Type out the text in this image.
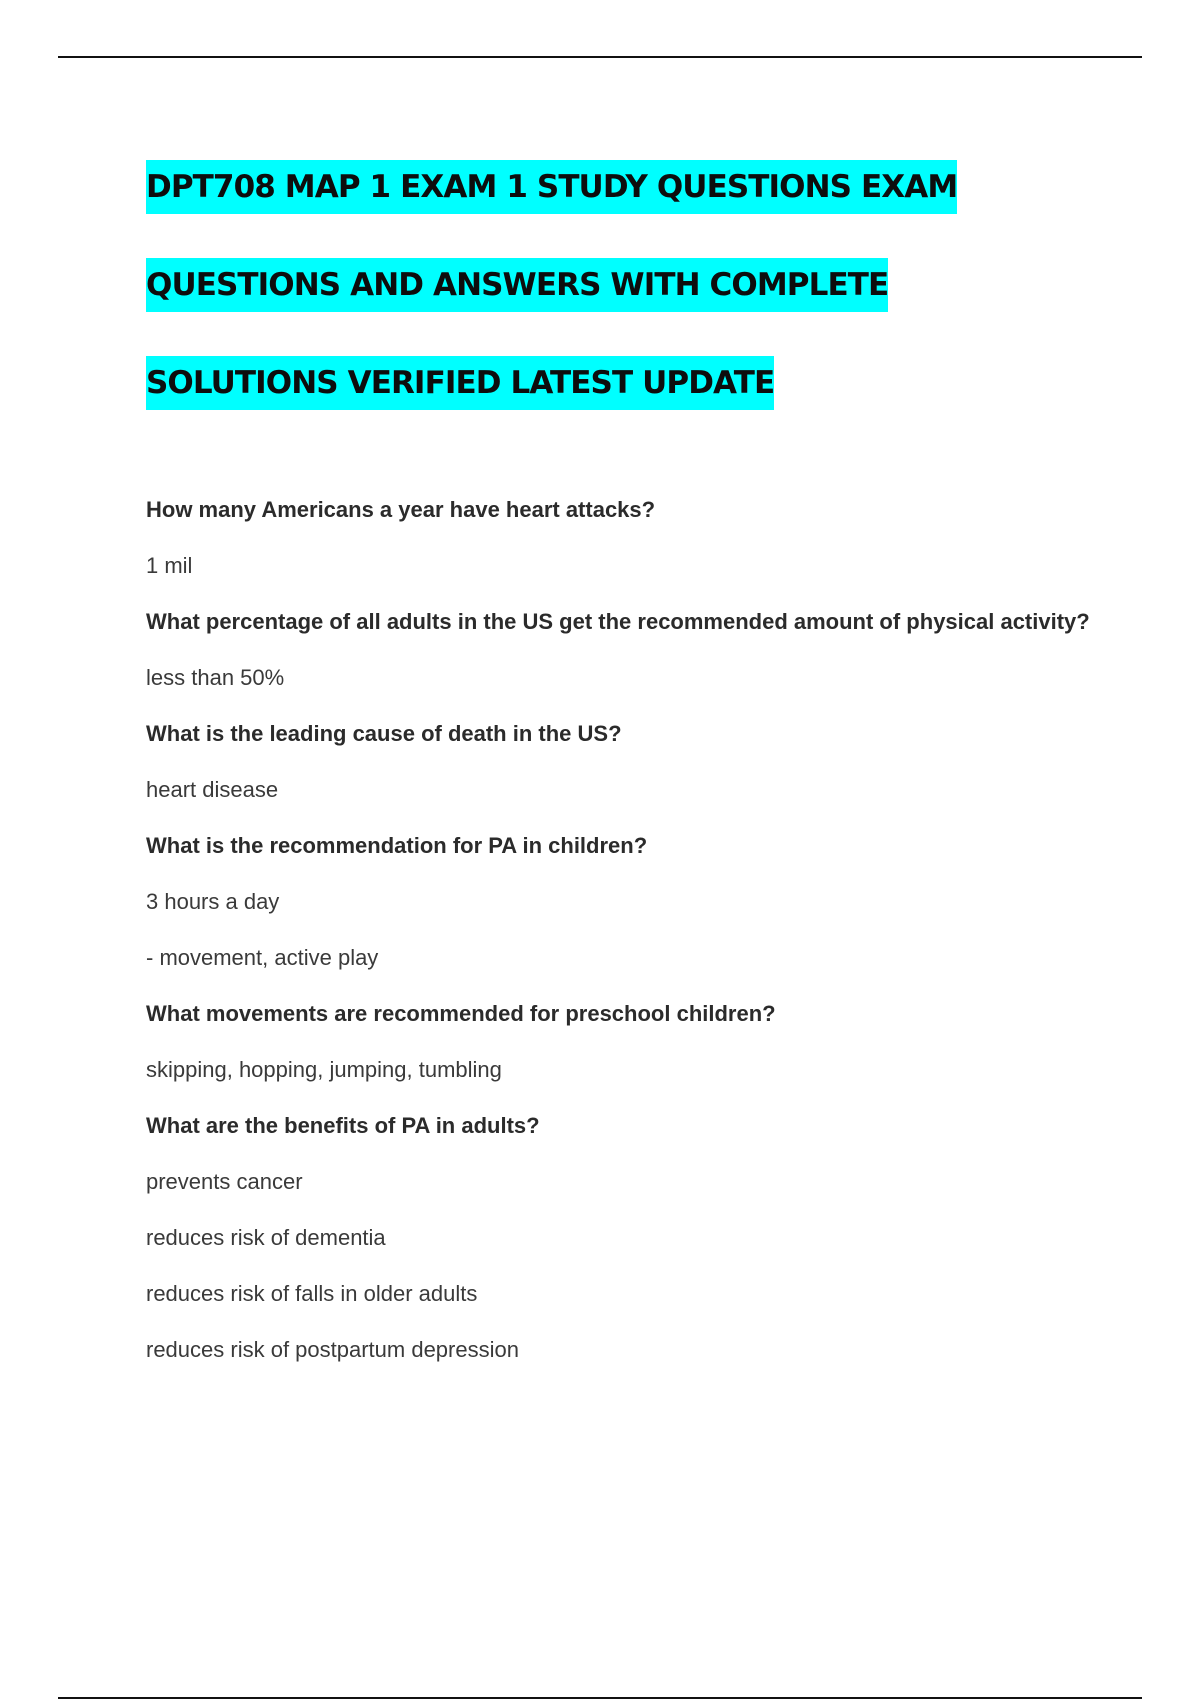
DPT708 MAP 1 EXAM 1 STUDY QUESTIONS EXAM
QUESTIONS AND ANSWERS WITH COMPLETE
SOLUTIONS VERIFIED LATEST UPDATE
How many Americans a year have heart attacks?
1 mil
What percentage of all adults in the US get the recommended amount of physical activity?
less than 50%
What is the leading cause of death in the US?
heart disease
What is the recommendation for PA in children?
3 hours a day
- movement, active play
What movements are recommended for preschool children?
skipping, hopping, jumping, tumbling
What are the benefits of PA in adults?
prevents cancer
reduces risk of dementia
reduces risk of falls in older adults
reduces risk of postpartum depression
